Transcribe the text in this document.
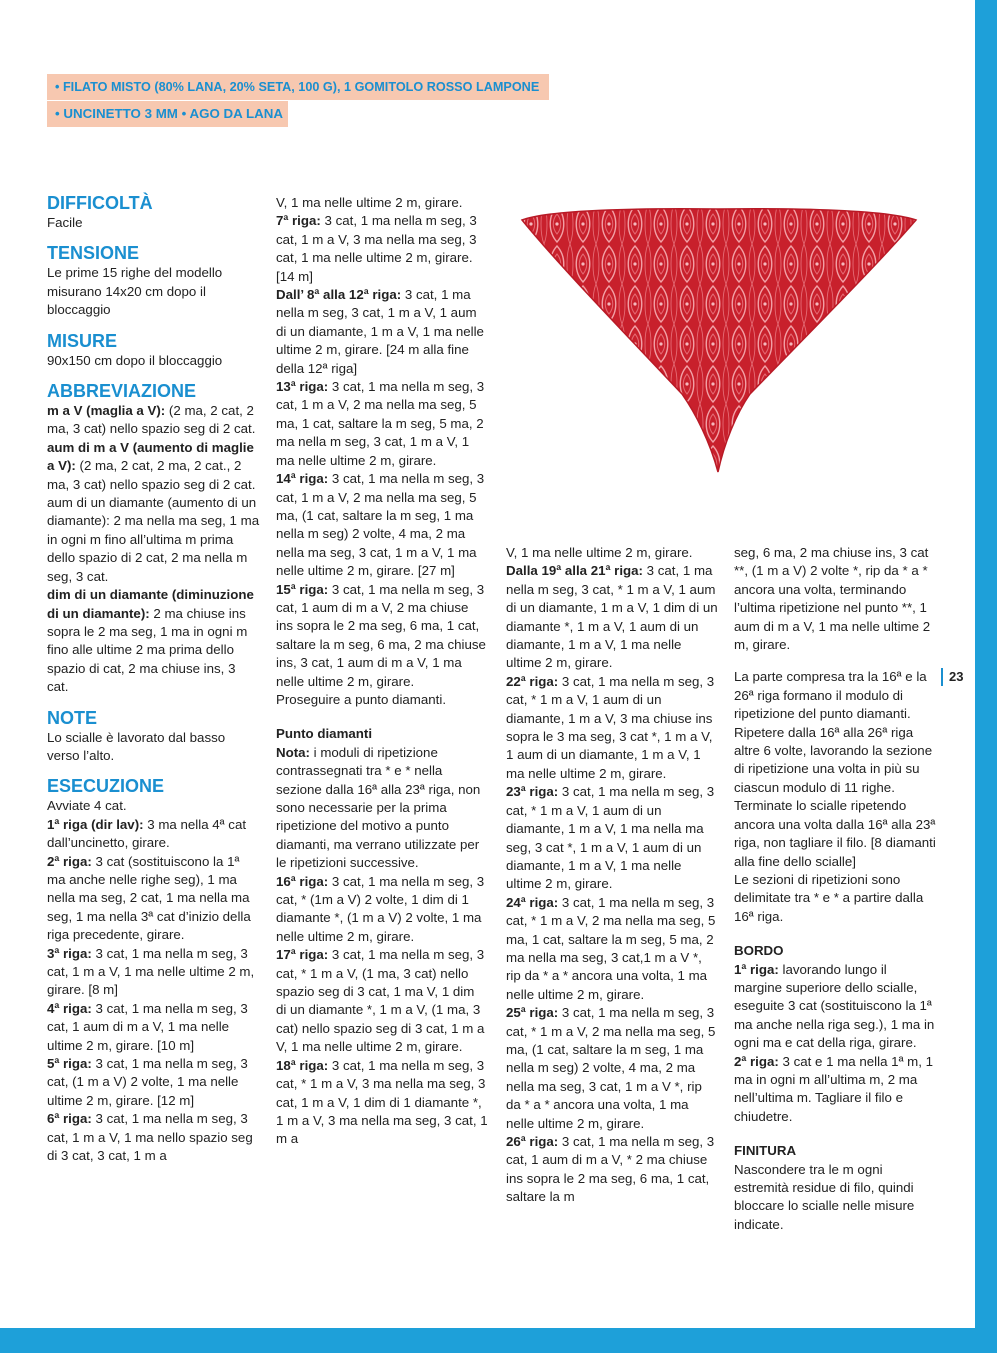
• FILATO MISTO (80% LANA, 20% SETA, 100 G), 1 GOMITOLO ROSSO LAMPONE
• UNCINETTO 3 MM • AGO DA LANA
DIFFICOLTÀ

Facile

TENSIONE

Le prime 15 righe del modello misurano 14x20 cm dopo il bloccaggio

MISURE

90x150 cm dopo il bloccaggio

ABBREVIAZIONE

m a V (maglia a V): (2 ma, 2 cat, 2 ma, 3 cat) nello spazio seg di 2 cat.

aum di m a V (aumento di maglie a V): (2 ma, 2 cat, 2 ma, 2 cat., 2 ma, 3 cat) nello spazio seg di 2 cat. aum di un diamante (aumento di un diamante): 2 ma nella ma seg, 1 ma in ogni m fino all’ultima m prima dello spazio di 2 cat, 2 ma nella m seg, 3 cat.

dim di un diamante (diminuzione di un diamante): 2 ma chiuse ins sopra le 2 ma seg, 1 ma in ogni m fino alle ultime 2 ma prima dello spazio di cat, 2 ma chiuse ins, 3 cat.

NOTE

Lo scialle è lavorato dal basso verso l’alto.

ESECUZIONE

Avviate 4 cat.

1ª riga (dir lav): 3 ma nella 4ª cat dall’uncinetto, girare.

2ª riga: 3 cat (sostituiscono la 1ª ma anche nelle righe seg), 1 ma nella ma seg, 2 cat, 1 ma nella ma seg, 1 ma nella 3ª cat d’inizio della riga precedente, girare.

3ª riga: 3 cat, 1 ma nella m seg, 3 cat, 1 m a V, 1 ma nelle ultime 2 m, girare. [8 m]

4ª riga: 3 cat, 1 ma nella m seg, 3 cat, 1 aum di m a V, 1 ma nelle ultime 2 m, girare. [10 m]

5ª riga: 3 cat, 1 ma nella m seg, 3 cat, (1 m a V) 2 volte, 1 ma nelle ultime 2 m, girare. [12 m]

6ª riga: 3 cat, 1 ma nella m seg, 3 cat, 1 m a V, 1 ma nello spazio seg di 3 cat, 3 cat, 1 m a

V, 1 ma nelle ultime 2 m, girare.

7ª riga: 3 cat, 1 ma nella m seg, 3 cat, 1 m a V, 3 ma nella ma seg, 3 cat, 1 ma nelle ultime 2 m, girare. [14 m]

Dall’ 8ª alla 12ª riga: 3 cat, 1 ma nella m seg, 3 cat, 1 m a V, 1 aum di un diamante, 1 m a V, 1 ma nelle ultime 2 m, girare. [24 m alla fine della 12ª riga]

13ª riga: 3 cat, 1 ma nella m seg, 3 cat, 1 m a V, 2 ma nella ma seg, 5 ma, 1 cat, saltare la m seg, 5 ma, 2 ma nella m seg, 3 cat, 1 m a V, 1 ma nelle ultime 2 m, girare.

14ª riga: 3 cat, 1 ma nella m seg, 3 cat, 1 m a V, 2 ma nella ma seg, 5 ma, (1 cat, saltare la m seg, 1 ma nella m seg) 2 volte, 4 ma, 2 ma nella ma seg, 3 cat, 1 m a V, 1 ma nelle ultime 2 m, girare. [27 m]

15ª riga: 3 cat, 1 ma nella m seg, 3 cat, 1 aum di m a V, 2 ma chiuse ins sopra le 2 ma seg, 6 ma, 1 cat, saltare la m seg, 6 ma, 2 ma chiuse ins, 3 cat, 1 aum di m a V, 1 ma nelle ultime 2 m, girare.

Proseguire a punto diamanti.

Punto diamanti

Nota: i moduli di ripetizione contrassegnati tra * e * nella sezione dalla 16ª alla 23ª riga, non sono necessarie per la prima ripetizione del motivo a punto diamanti, ma verrano utilizzate per le ripetizioni successive.

16ª riga: 3 cat, 1 ma nella m seg, 3 cat, * (1m a V) 2 volte, 1 dim di 1 diamante *, (1 m a V) 2 volte, 1 ma nelle ultime 2 m, girare.

17ª riga: 3 cat, 1 ma nella m seg, 3 cat, * 1 m a V, (1 ma, 3 cat) nello spazio seg di 3 cat, 1 ma V, 1 dim di un diamante *, 1 m a V, (1 ma, 3 cat) nello spazio seg di 3 cat, 1 m a V, 1 ma nelle ultime 2 m, girare.

18ª riga: 3 cat, 1 ma nella m seg, 3 cat, * 1 m a V, 3 ma nella ma seg, 3 cat, 1 m a V, 1 dim di 1 diamante *, 1 m a V, 3 ma nella ma seg, 3 cat, 1 m a

V, 1 ma nelle ultime 2 m, girare.

Dalla 19ª alla 21ª riga: 3 cat, 1 ma nella m seg, 3 cat, * 1 m a V, 1 aum di un diamante, 1 m a V, 1 dim di un diamante *, 1 m a V, 1 aum di un diamante, 1 m a V, 1 ma nelle ultime 2 m, girare.

22ª riga: 3 cat, 1 ma nella m seg, 3 cat, * 1 m a V, 1 aum di un diamante, 1 m a V, 3 ma chiuse ins sopra le 3 ma seg, 3 cat *, 1 m a V, 1 aum di un diamante, 1 m a V, 1 ma nelle ultime 2 m, girare.

23ª riga: 3 cat, 1 ma nella m seg, 3 cat, * 1 m a V, 1 aum di un diamante, 1 m a V, 1 ma nella ma seg, 3 cat *, 1 m a V, 1 aum di un diamante, 1 m a V, 1 ma nelle ultime 2 m, girare.

24ª riga: 3 cat, 1 ma nella m seg, 3 cat, * 1 m a V, 2 ma nella ma seg, 5 ma, 1 cat, saltare la m seg, 5 ma, 2 ma nella ma seg, 3 cat,1 m a V *, rip da * a * ancora una volta, 1 ma nelle ultime 2 m, girare.

25ª riga: 3 cat, 1 ma nella m seg, 3 cat, * 1 m a V, 2 ma nella ma seg, 5 ma, (1 cat, saltare la m seg, 1 ma nella m seg) 2 volte, 4 ma, 2 ma nella ma seg, 3 cat, 1 m a V *, rip da * a * ancora una volta, 1 ma nelle ultime 2 m, girare.

26ª riga: 3 cat, 1 ma nella m seg, 3 cat, 1 aum di m a V, * 2 ma chiuse ins sopra le 2 ma seg, 6 ma, 1 cat, saltare la m

seg, 6 ma, 2 ma chiuse ins, 3 cat **, (1 m a V) 2 volte *, rip da * a * ancora una volta, terminando l’ultima ripetizione nel punto **, 1 aum di m a V, 1 ma nelle ultime 2 m, girare.

La parte compresa tra la 16ª e la 26ª riga formano il modulo di ripetizione del punto diamanti.

Ripetere dalla 16ª alla 26ª riga altre 6 volte, lavorando la sezione di ripetizione una volta in più su ciascun modulo di 11 righe. Terminate lo scialle ripetendo ancora una volta dalla 16ª alla 23ª riga, non tagliare il filo. [8 diamanti alla fine dello scialle]

Le sezioni di ripetizioni sono delimitate tra * e * a partire dalla 16ª riga.

BORDO

1ª riga: lavorando lungo il margine superiore dello scialle, eseguite 3 cat (sostituiscono la 1ª ma anche nella riga seg.), 1 ma in ogni ma e cat della riga, girare.

2ª riga: 3 cat e 1 ma nella 1ª m, 1 ma in ogni m all’ultima m, 2 ma nell’ultima m. Tagliare il filo e chiudetre.

FINITURA

Nascondere tra le m ogni estremità residue di filo, quindi bloccare lo scialle nelle misure indicate.

23
